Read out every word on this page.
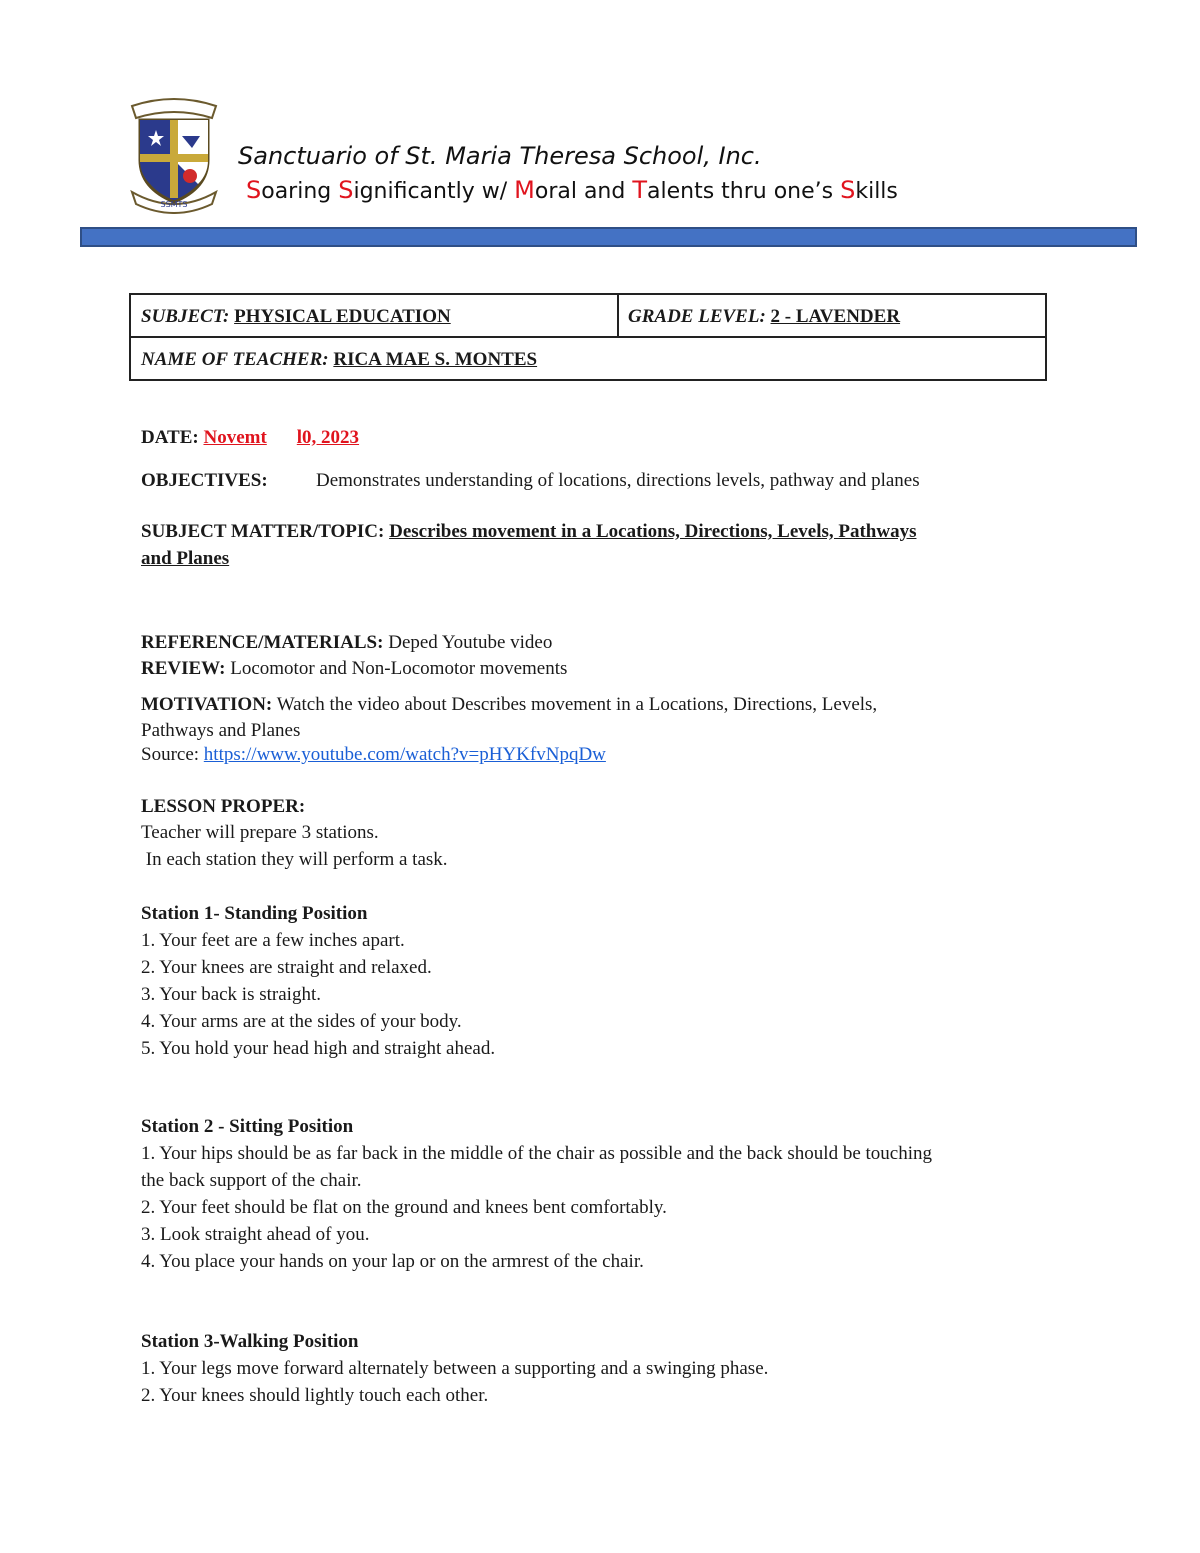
SSMTS
Sanctuario of St. Maria Theresa School, Inc.
Soaring Significantly w/ Moral and Talents thru one’s Skills
SUBJECT: PHYSICAL EDUCATION	GRADE LEVEL: 2 - LAVENDER
NAME OF TEACHER: RICA MAE S. MONTES
DATE: Novemt l0, 2023
OBJECTIVES:	Demonstrates understanding of locations, directions levels, pathway and planes
SUBJECT MATTER/TOPIC: Describes movement in a Locations, Directions, Levels, Pathways
and Planes
REFERENCE/MATERIALS: Deped Youtube video
REVIEW: Locomotor and Non-Locomotor movements
MOTIVATION: Watch the video about Describes movement in a Locations, Directions, Levels,
Pathways and Planes
Source: https://www.youtube.com/watch?v=pHYKfvNpqDw
LESSON PROPER:
Teacher will prepare 3 stations.
In each station they will perform a task.
Station 1- Standing Position
1. Your feet are a few inches apart.
2. Your knees are straight and relaxed.
3. Your back is straight.
4. Your arms are at the sides of your body.
5. You hold your head high and straight ahead.
Station 2 - Sitting Position
1. Your hips should be as far back in the middle of the chair as possible and the back should be touching
the back support of the chair.
2. Your feet should be flat on the ground and knees bent comfortably.
3. Look straight ahead of you.
4. You place your hands on your lap or on the armrest of the chair.
Station 3-Walking Position
1. Your legs move forward alternately between a supporting and a swinging phase.
2. Your knees should lightly touch each other.
